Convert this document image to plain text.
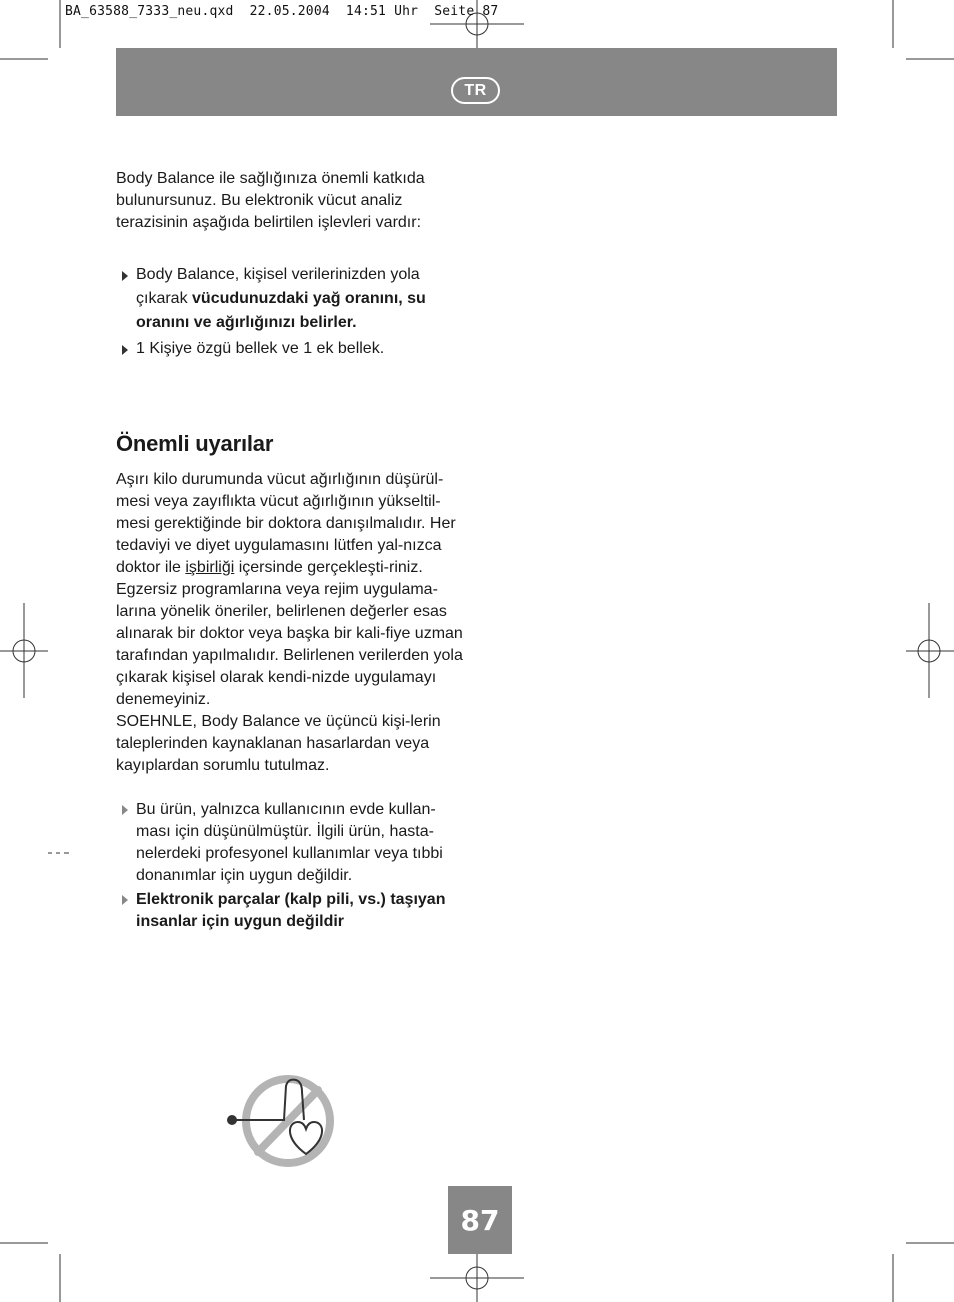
BA_63588_7333_neu.qxd  22.05.2004  14:51 Uhr  Seite 87
TR
Body Balance ile sağlığınıza önemli katkıda bulunursunuz. Bu elektronik vücut analiz terazisinin aşağıda belirtilen işlevleri vardır:
Body Balance, kişisel verilerinizden yola çıkarak vücudunuzdaki yağ oranını, su oranını ve ağırlığınızı belirler.
1 Kişiye özgü bellek ve 1 ek bellek.
Önemli uyarılar

Aşırı kilo durumunda vücut ağırlığının düşürül-mesi veya zayıflıkta vücut ağırlığının yükseltil-mesi gerektiğinde bir doktora danışılmalıdır. Her tedaviyi ve diyet uygulamasını lütfen yal-nızca doktor ile işbirliği içersinde gerçekleşti-riniz.

Egzersiz programlarına veya rejim uygulama-larına yönelik öneriler, belirlenen değerler esas alınarak bir doktor veya başka bir kali-fiye uzman tarafından yapılmalıdır. Belirlenen verilerden yola çıkarak kişisel olarak kendi-nizde uygulamayı denemeyiniz.

SOEHNLE, Body Balance ve üçüncü kişi-lerin taleplerinden kaynaklanan hasarlardan veya kayıplardan sorumlu tutulmaz.

Bu ürün, yalnızca kullanıcının evde kullan-ması için düşünülmüştür. İlgili ürün, hasta-nelerdeki profesyonel kullanımlar veya tıbbi donanımlar için uygun değildir.
Elektronik parçalar (kalp pili, vs.) taşıyan insanlar için uygun değildir
87
